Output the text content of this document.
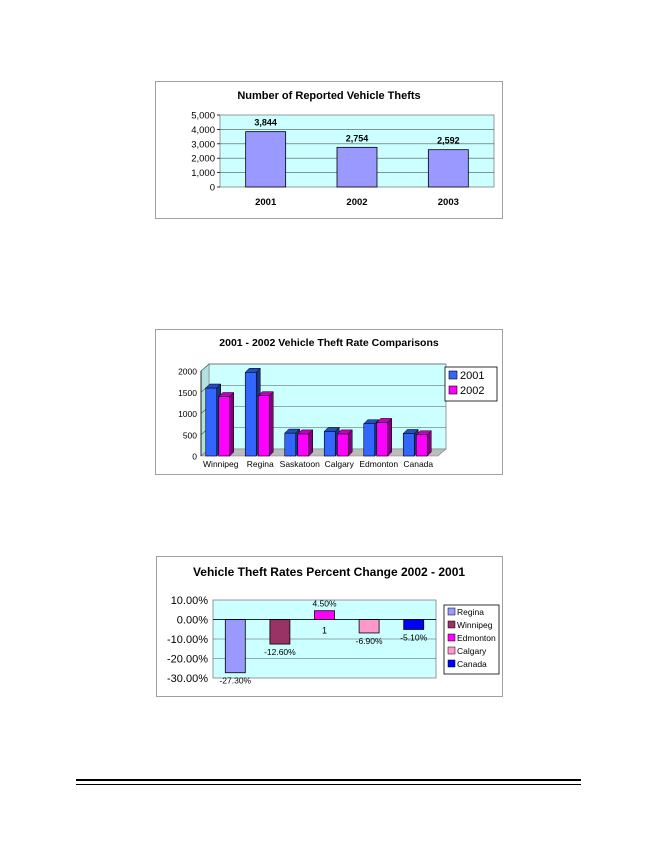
Number of Reported Vehicle Thefts
0
1,000
2,000
3,000
4,000
5,000
3,844
2001
2,754
2002
2,592
2003
2001 - 2002 Vehicle Theft Rate Comparisons
0
500
1000
1500
2000
Winnipeg Regina Saskatoon Calgary Edmonton Canada
2001
2002
Vehicle Theft Rates Percent Change 2002 - 2001
10.00%
0.00%
-10.00%
-20.00%
-30.00% -27.30%
-12.60%
4.50%
-6.90% -5.10%
1
Regina
Winnipeg
Edmonton
Calgary
Canada
